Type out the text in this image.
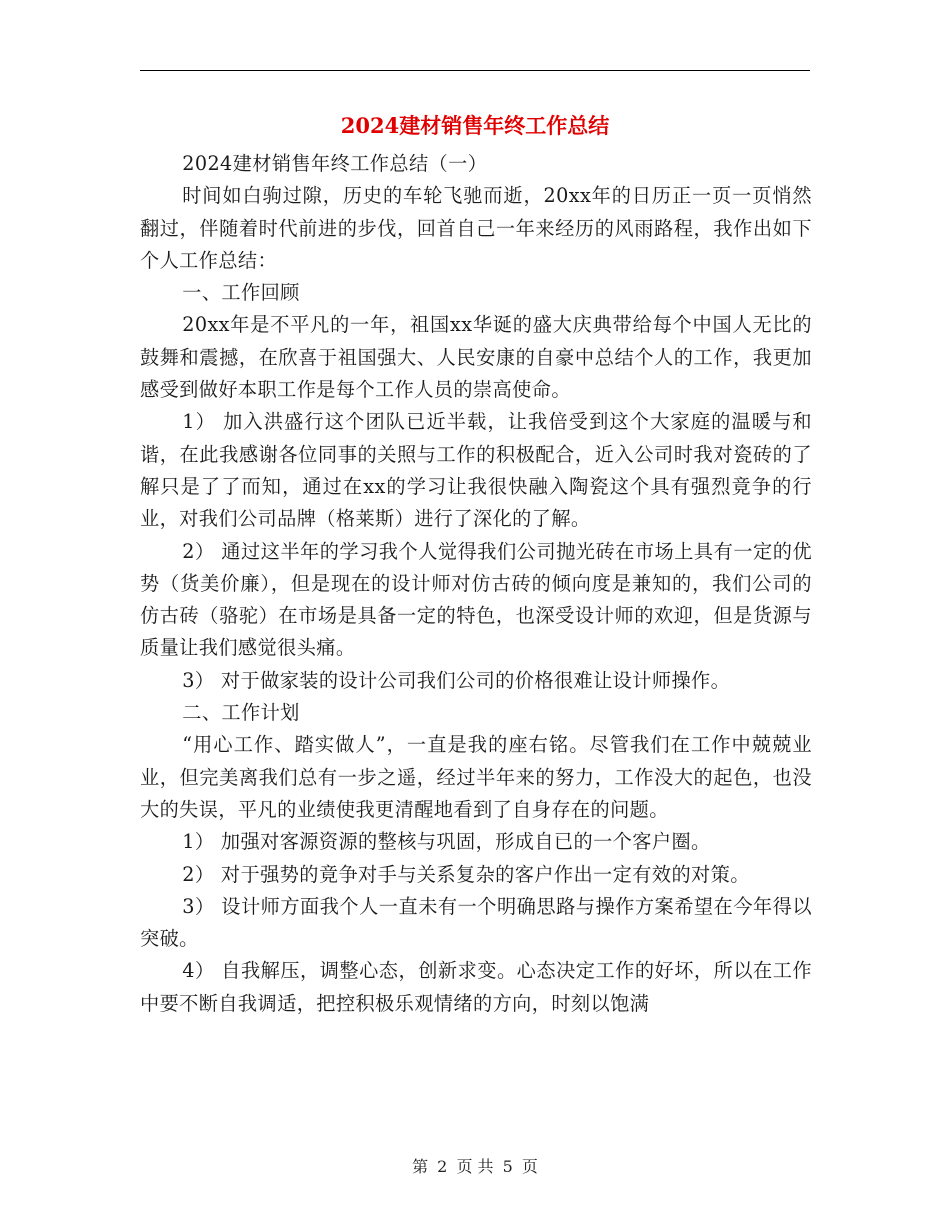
2024建材销售年终工作总结

2024建材销售年终工作总结（一）

时间如白驹过隙，历史的车轮飞驰而逝，20xx年的日历正一页一页悄然翻过，伴随着时代前进的步伐，回首自己一年来经历的风雨路程，我作出如下个人工作总结：

一、工作回顾

20xx年是不平凡的一年，祖国xx华诞的盛大庆典带给每个中国人无比的鼓舞和震撼，在欣喜于祖国强大、人民安康的自豪中总结个人的工作，我更加感受到做好本职工作是每个工作人员的崇高使命。

1） 加入洪盛行这个团队已近半载，让我倍受到这个大家庭的温暖与和谐，在此我感谢各位同事的关照与工作的积极配合，近入公司时我对瓷砖的了解只是了了而知，通过在xx的学习让我很快融入陶瓷这个具有强烈竟争的行业，对我们公司品牌（格莱斯）进行了深化的了解。

2） 通过这半年的学习我个人觉得我们公司抛光砖在市场上具有一定的优势（货美价廉），但是现在的设计师对仿古砖的倾向度是兼知的，我们公司的仿古砖（骆驼）在市场是具备一定的特色，也深受设计师的欢迎，但是货源与质量让我们感觉很头痛。

3） 对于做家装的设计公司我们公司的价格很难让设计师操作。

二、工作计划

“用心工作、踏实做人”，一直是我的座右铭。尽管我们在工作中兢兢业业，但完美离我们总有一步之遥，经过半年来的努力，工作没大的起色，也没大的失误，平凡的业绩使我更清醒地看到了自身存在的问题。

1） 加强对客源资源的整核与巩固，形成自已的一个客户圈。

2） 对于强势的竟争对手与关系复杂的客户作出一定有效的对策。

3） 设计师方面我个人一直未有一个明确思路与操作方案希望在今年得以突破。

4） 自我解压，调整心态，创新求变。心态决定工作的好坏，所以在工作中要不断自我调适，把控积极乐观情绪的方向，时刻以饱满

第 2 页 共 5 页
